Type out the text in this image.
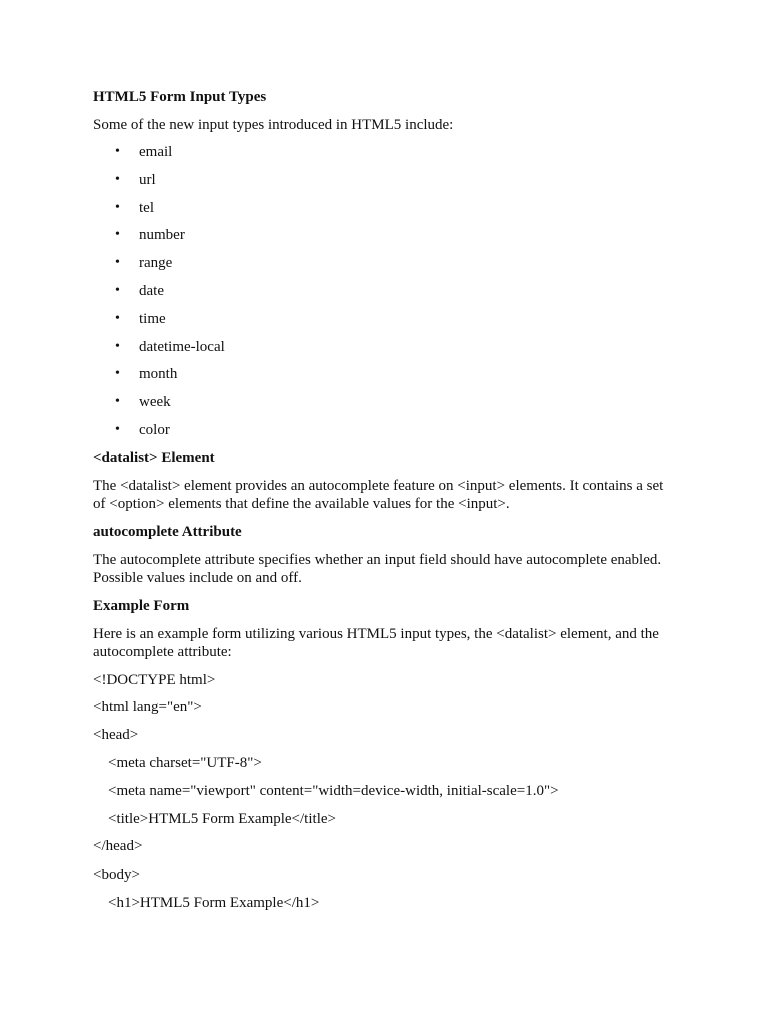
HTML5 Form Input Types

Some of the new input types introduced in HTML5 include:

• email
• url
• tel
• number
• range
• date
• time
• datetime-local
• month
• week
• color
<datalist> Element

The <datalist> element provides an autocomplete feature on <input> elements. It contains a set of <option> elements that define the available values for the <input>.

autocomplete Attribute

The autocomplete attribute specifies whether an input field should have autocomplete enabled. Possible values include on and off.

Example Form

Here is an example form utilizing various HTML5 input types, the <datalist> element, and the autocomplete attribute:

<!DOCTYPE html>
<html lang="en">
<head>
<meta charset="UTF-8">
<meta name="viewport" content="width=device-width, initial-scale=1.0">
<title>HTML5 Form Example</title>
</head>
<body>
<h1>HTML5 Form Example</h1>
